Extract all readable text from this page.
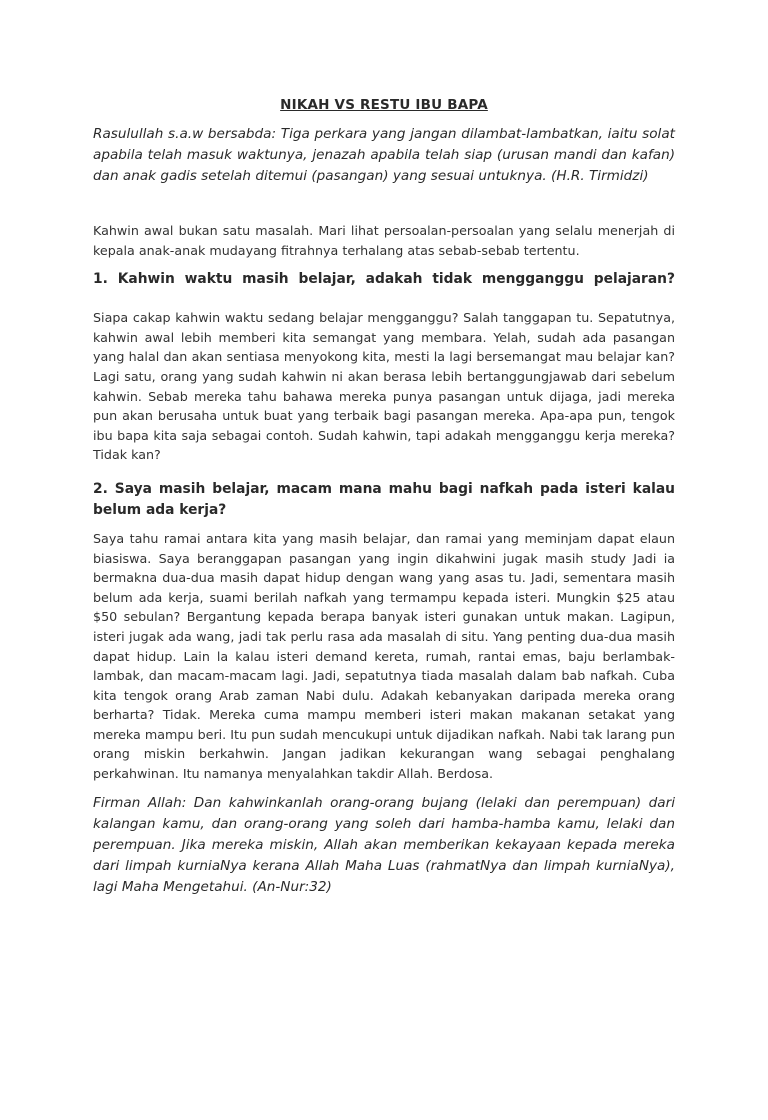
NIKAH VS RESTU IBU BAPA

Rasulullah s.a.w bersabda: Tiga perkara yang jangan dilambat-lambatkan, iaitu solat apabila telah masuk waktunya, jenazah apabila telah siap (urusan mandi dan kafan) dan anak gadis setelah ditemui (pasangan) yang sesuai untuknya. (H.R. Tirmidzi)

Kahwin awal bukan satu masalah. Mari lihat persoalan-persoalan yang selalu menerjah di kepala anak-anak mudayang fitrahnya terhalang atas sebab-sebab tertentu.

1. Kahwin waktu masih belajar, adakah tidak mengganggu pelajaran?

Siapa cakap kahwin waktu sedang belajar mengganggu? Salah tanggapan tu. Sepatutnya, kahwin awal lebih memberi kita semangat yang membara. Yelah, sudah ada pasangan yang halal dan akan sentiasa menyokong kita, mesti la lagi bersemangat mau belajar kan? Lagi satu, orang yang sudah kahwin ni akan berasa lebih bertanggungjawab dari sebelum kahwin. Sebab mereka tahu bahawa mereka punya pasangan untuk dijaga, jadi mereka pun akan berusaha untuk buat yang terbaik bagi pasangan mereka. Apa-apa pun, tengok ibu bapa kita saja sebagai contoh. Sudah kahwin, tapi adakah mengganggu kerja mereka? Tidak kan?

2. Saya masih belajar, macam mana mahu bagi nafkah pada isteri kalau belum ada kerja?

Saya tahu ramai antara kita yang masih belajar, dan ramai yang meminjam dapat elaun biasiswa. Saya beranggapan pasangan yang ingin dikahwini jugak masih study Jadi ia bermakna dua-dua masih dapat hidup dengan wang yang asas tu. Jadi, sementara masih belum ada kerja, suami berilah nafkah yang termampu kepada isteri. Mungkin $25 atau $50 sebulan? Bergantung kepada berapa banyak isteri gunakan untuk makan. Lagipun, isteri jugak ada wang, jadi tak perlu rasa ada masalah di situ. Yang penting dua-dua masih dapat hidup. Lain la kalau isteri demand kereta, rumah, rantai emas, baju berlambak-lambak, dan macam-macam lagi. Jadi, sepatutnya tiada masalah dalam bab nafkah. Cuba kita tengok orang Arab zaman Nabi dulu. Adakah kebanyakan daripada mereka orang berharta? Tidak. Mereka cuma mampu memberi isteri makan makanan setakat yang mereka mampu beri. Itu pun sudah mencukupi untuk dijadikan nafkah. Nabi tak larang pun orang miskin berkahwin. Jangan jadikan kekurangan wang sebagai penghalang perkahwinan. Itu namanya menyalahkan takdir Allah. Berdosa.

Firman Allah: Dan kahwinkanlah orang-orang bujang (lelaki dan perempuan) dari kalangan kamu, dan orang-orang yang soleh dari hamba-hamba kamu, lelaki dan perempuan. Jika mereka miskin, Allah akan memberikan kekayaan kepada mereka dari limpah kurniaNya kerana Allah Maha Luas (rahmatNya dan limpah kurniaNya), lagi Maha Mengetahui. (An-Nur:32)
